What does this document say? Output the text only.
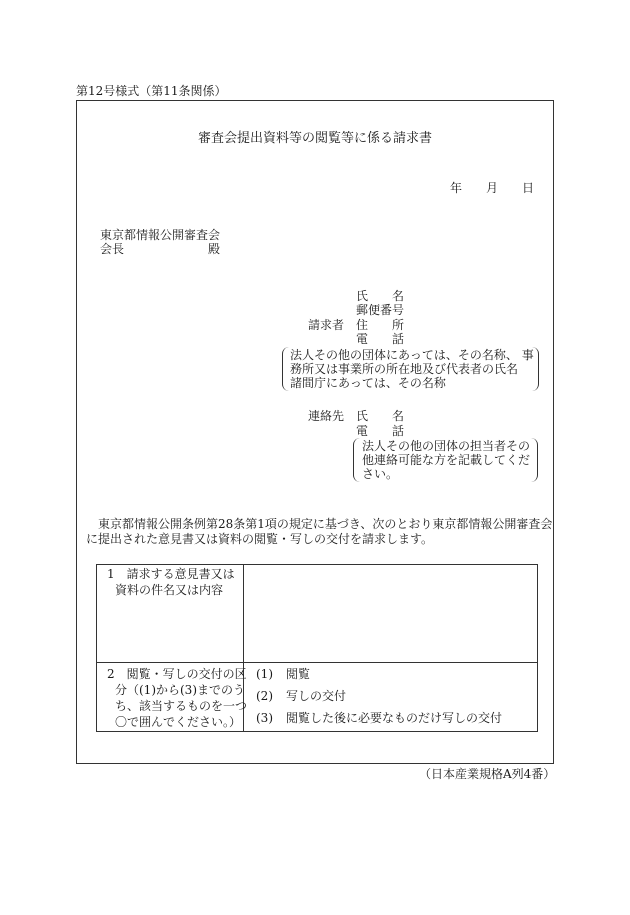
第12号様式（第11条関係）
審査会提出資料等の閲覧等に係る請求書
年 月 日
東京都情報公開審査会
会長	殿
氏　　名
郵便番号
請求者 住　　所
電　　話
法人その他の団体にあっては、その名称、 事
務所又は事業所の所在地及び代表者の氏名
諸間庁にあっては、その名称
連絡先 氏　　名
電　　話
法人その他の団体の担当者その
他連絡可能な方を記載してくだ
さい。
　東京都情報公開条例第28条第1項の規定に基づき、次のとおり東京都情報公開審査会
に提出された意見書又は資料の閲覧・写しの交付を請求します。
1　請求する意見書又は
資料の件名又は内容
2　閲覧・写しの交付の区
分（(1)から(3)までのう
ち、該当するものを一つ
〇で囲んでください。）
(1) 閲覧
(2) 写しの交付
(3) 閲覧した後に必要なものだけ写しの交付
（日本産業規格A列4番）
